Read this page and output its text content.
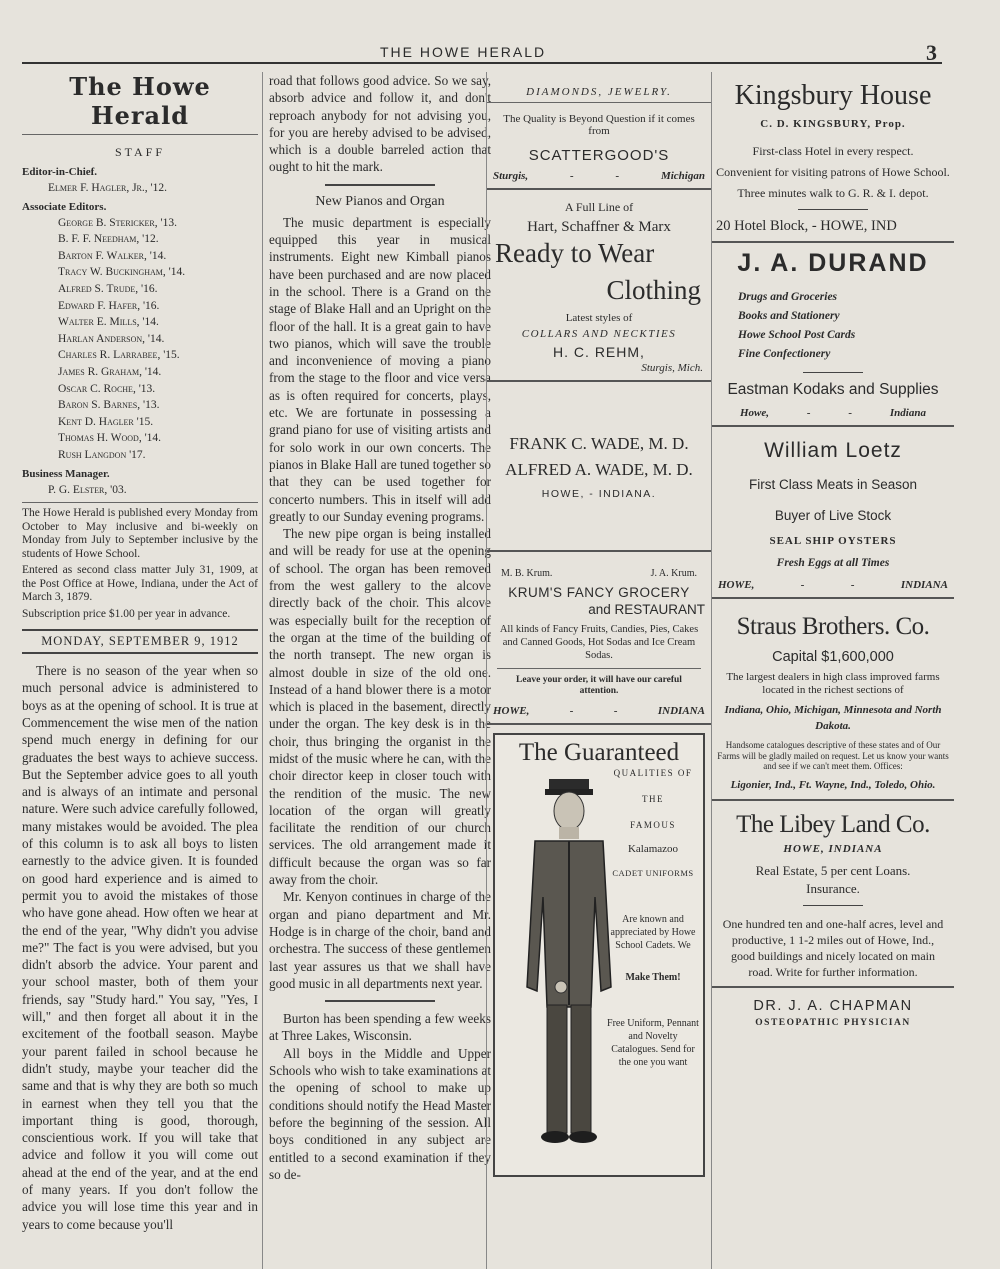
THE HOWE HERALD	3
The Howe Herald
STAFF
Editor-in-Chief.
Elmer F. Hagler, Jr., '12.
Associate Editors.
George B. Stericker, '13.
B. F. F. Needham, '12.
Barton F. Walker, '14.
Tracy W. Buckingham, '14.
Alfred S. Trude, '16.
Edward F. Hafer, '16.
Walter E. Mills, '14.
Harlan Anderson, '14.
Charles R. Larrabee, '15.
James R. Graham, '14.
Oscar C. Roche, '13.
Baron S. Barnes, '13.
Kent D. Hagler '15.
Thomas H. Wood, '14.
Rush Langdon '17.
Business Manager.
P. G. Elster, '03.

The Howe Herald is published every Monday from October to May inclusive and bi-weekly on Monday from July to September inclusive by the students of Howe School.

Entered as second class matter July 31, 1909, at the Post Office at Howe, Indiana, under the Act of March 3, 1879.

Subscription price $1.00 per year in advance.

MONDAY, SEPTEMBER 9, 1912

There is no season of the year when so much personal advice is administered to boys as at the opening of school. It is true at Commencement the wise men of the nation spend much energy in defining for our graduates the best ways to achieve success. But the September advice goes to all youth and is always of an intimate and personal nature. Were such advice carefully followed, many mistakes would be avoided. The plea of this column is to ask all boys to listen earnestly to the advice given. It is founded on good hard experience and is aimed to permit you to avoid the mistakes of those who have gone ahead. How often we hear at the end of the year, "Why didn't you advise me?" The fact is you were advised, but you didn't absorb the advice. Your parent and your school master, both of them your friends, say "Study hard." You say, "Yes, I will," and then forget all about it in the excitement of the football season. Maybe your parent failed in school because he didn't study, maybe your teacher did the same and that is why they are both so much in earnest when they tell you that the important thing is good, thorough, conscientious work. If you will take that advice and follow it you will come out ahead at the end of the year, and at the end of many years. If you don't follow the advice you will lose time this year and in years to come because you'll

road that follows good advice. So we say, absorb advice and follow it, and don't reproach anybody for not advising you, for you are hereby advised to be advised, which is a double barreled action that ought to hit the mark.

New Pianos and Organ

The music department is especially equipped this year in musical instruments. Eight new Kimball pianos have been purchased and are now placed in the school. There is a Grand on the stage of Blake Hall and an Upright on the floor of the hall. It is a great gain to have two pianos, which will save the trouble and inconvenience of moving a piano from the stage to the floor and vice versa as is often required for concerts, plays, etc. We are fortunate in possessing a grand piano for use of visiting artists and for solo work in our own concerts. The pianos in Blake Hall are tuned together so that they can be used together for concerto numbers. This in itself will add greatly to our Sunday evening programs.

The new pipe organ is being installed and will be ready for use at the opening of school. The organ has been removed from the west gallery to the alcove directly back of the choir. This alcove was especially built for the reception of the organ at the time of the building of the north transept. The new organ is almost double in size of the old one. Instead of a hand blower there is a motor which is placed in the basement, directly under the organ. The key desk is in the choir, thus bringing the organist in the midst of the music where he can, with the choir director keep in closer touch with the rendition of the music. The new location of the organ will greatly facilitate the rendition of our church services. The old arrangement made it difficult because the organ was so far away from the choir.

Mr. Kenyon continues in charge of the organ and piano department and Mr. Hodge is in charge of the choir, band and orchestra. The success of these gentlemen last year assures us that we shall have good music in all departments next year.

Burton has been spending a few weeks at Three Lakes, Wisconsin.

All boys in the Middle and Upper Schools who wish to take examinations at the opening of school to make up conditions should notify the Head Master before the beginning of the session. All boys conditioned in any subject are entitled to a second examination if they so de-

DIAMONDS, JEWELRY.
The Quality is Beyond Question if it comes from
SCATTERGOOD'S
Sturgis,	-	-	Michigan
A Full Line of
Hart, Schaffner & Marx
Ready to Wear
Clothing
Latest styles of
COLLARS AND NECKTIES
H. C. REHM,
Sturgis, Mich.
FRANK C. WADE, M. D.
ALFRED A. WADE, M. D.
HOWE, - INDIANA.
M. B. Krum.	J. A. Krum.
KRUM'S FANCY GROCERY
and RESTAURANT
All kinds of Fancy Fruits, Candies, Pies, Cakes and Canned Goods, Hot Sodas and Ice Cream Sodas.
Leave your order, it will have our careful attention.
HOWE,	-	-	INDIANA
The Guaranteed
QUALITIES OF
THE
FAMOUS
Kalamazoo
CADET UNIFORMS
Are known and appreciated by Howe School Cadets. We
Make Them!
Free Uniform, Pennant and Novelty Catalogues. Send for the one you want
Kingsbury House
C. D. KINGSBURY, Prop.
First-class Hotel in every respect.
Convenient for visiting patrons of Howe School.
Three minutes walk to G. R. & I. depot.
20 Hotel Block, - HOWE, IND
J. A. DURAND
Drugs and Groceries
Books and Stationery
Howe School Post Cards
Fine Confectionery
Eastman Kodaks and Supplies
Howe,	-	-	Indiana
William Loetz
First Class Meats in Season
Buyer of Live Stock
SEAL SHIP OYSTERS
Fresh Eggs at all Times
HOWE,	-	-	INDIANA
Straus Brothers. Co.
Capital $1,600,000
The largest dealers in high class improved farms located in the richest sections of
Indiana, Ohio, Michigan, Minnesota and North Dakota.
Handsome catalogues descriptive of these states and of Our Farms will be gladly mailed on request. Let us know your wants and see if we can't meet them. Offices:
Ligonier, Ind., Ft. Wayne, Ind., Toledo, Ohio.
The Libey Land Co.
HOWE, INDIANA
Real Estate, 5 per cent Loans.
Insurance.
One hundred ten and one-half acres, level and productive, 1 1-2 miles out of Howe, Ind., good buildings and nicely located on main road. Write for further information.
DR. J. A. CHAPMAN
OSTEOPATHIC PHYSICIAN
